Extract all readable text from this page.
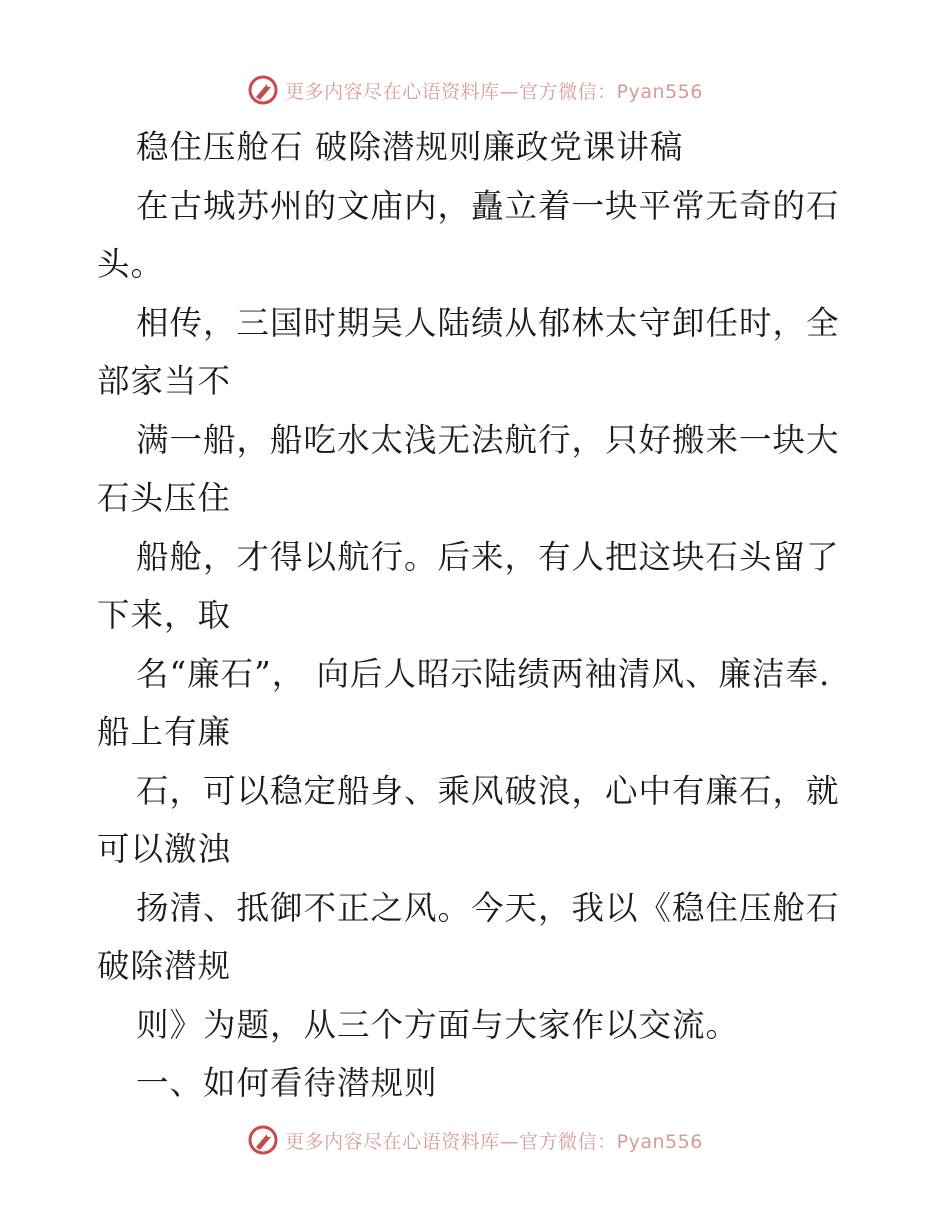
更多内容尽在心语资料库—官方微信：Pyan556

稳住压舱石 破除潜规则廉政党课讲稿

在古城苏州的文庙内，矗立着一块平常无奇的石头。

相传，三国时期吴人陆绩从郁林太守卸任时，全部家当不

满一船，船吃水太浅无法航行，只好搬来一块大石头压住

船舱，才得以航行。后来，有人把这块石头留了下来，取

名“廉石”， 向后人昭示陆绩两袖清风、廉洁奉. 船上有廉

石，可以稳定船身、乘风破浪，心中有廉石，就可以激浊

扬清、抵御不正之风。今天，我以《稳住压舱石 破除潜规

则》为题，从三个方面与大家作以交流。

一、如何看待潜规则

更多内容尽在心语资料库—官方微信：Pyan556
